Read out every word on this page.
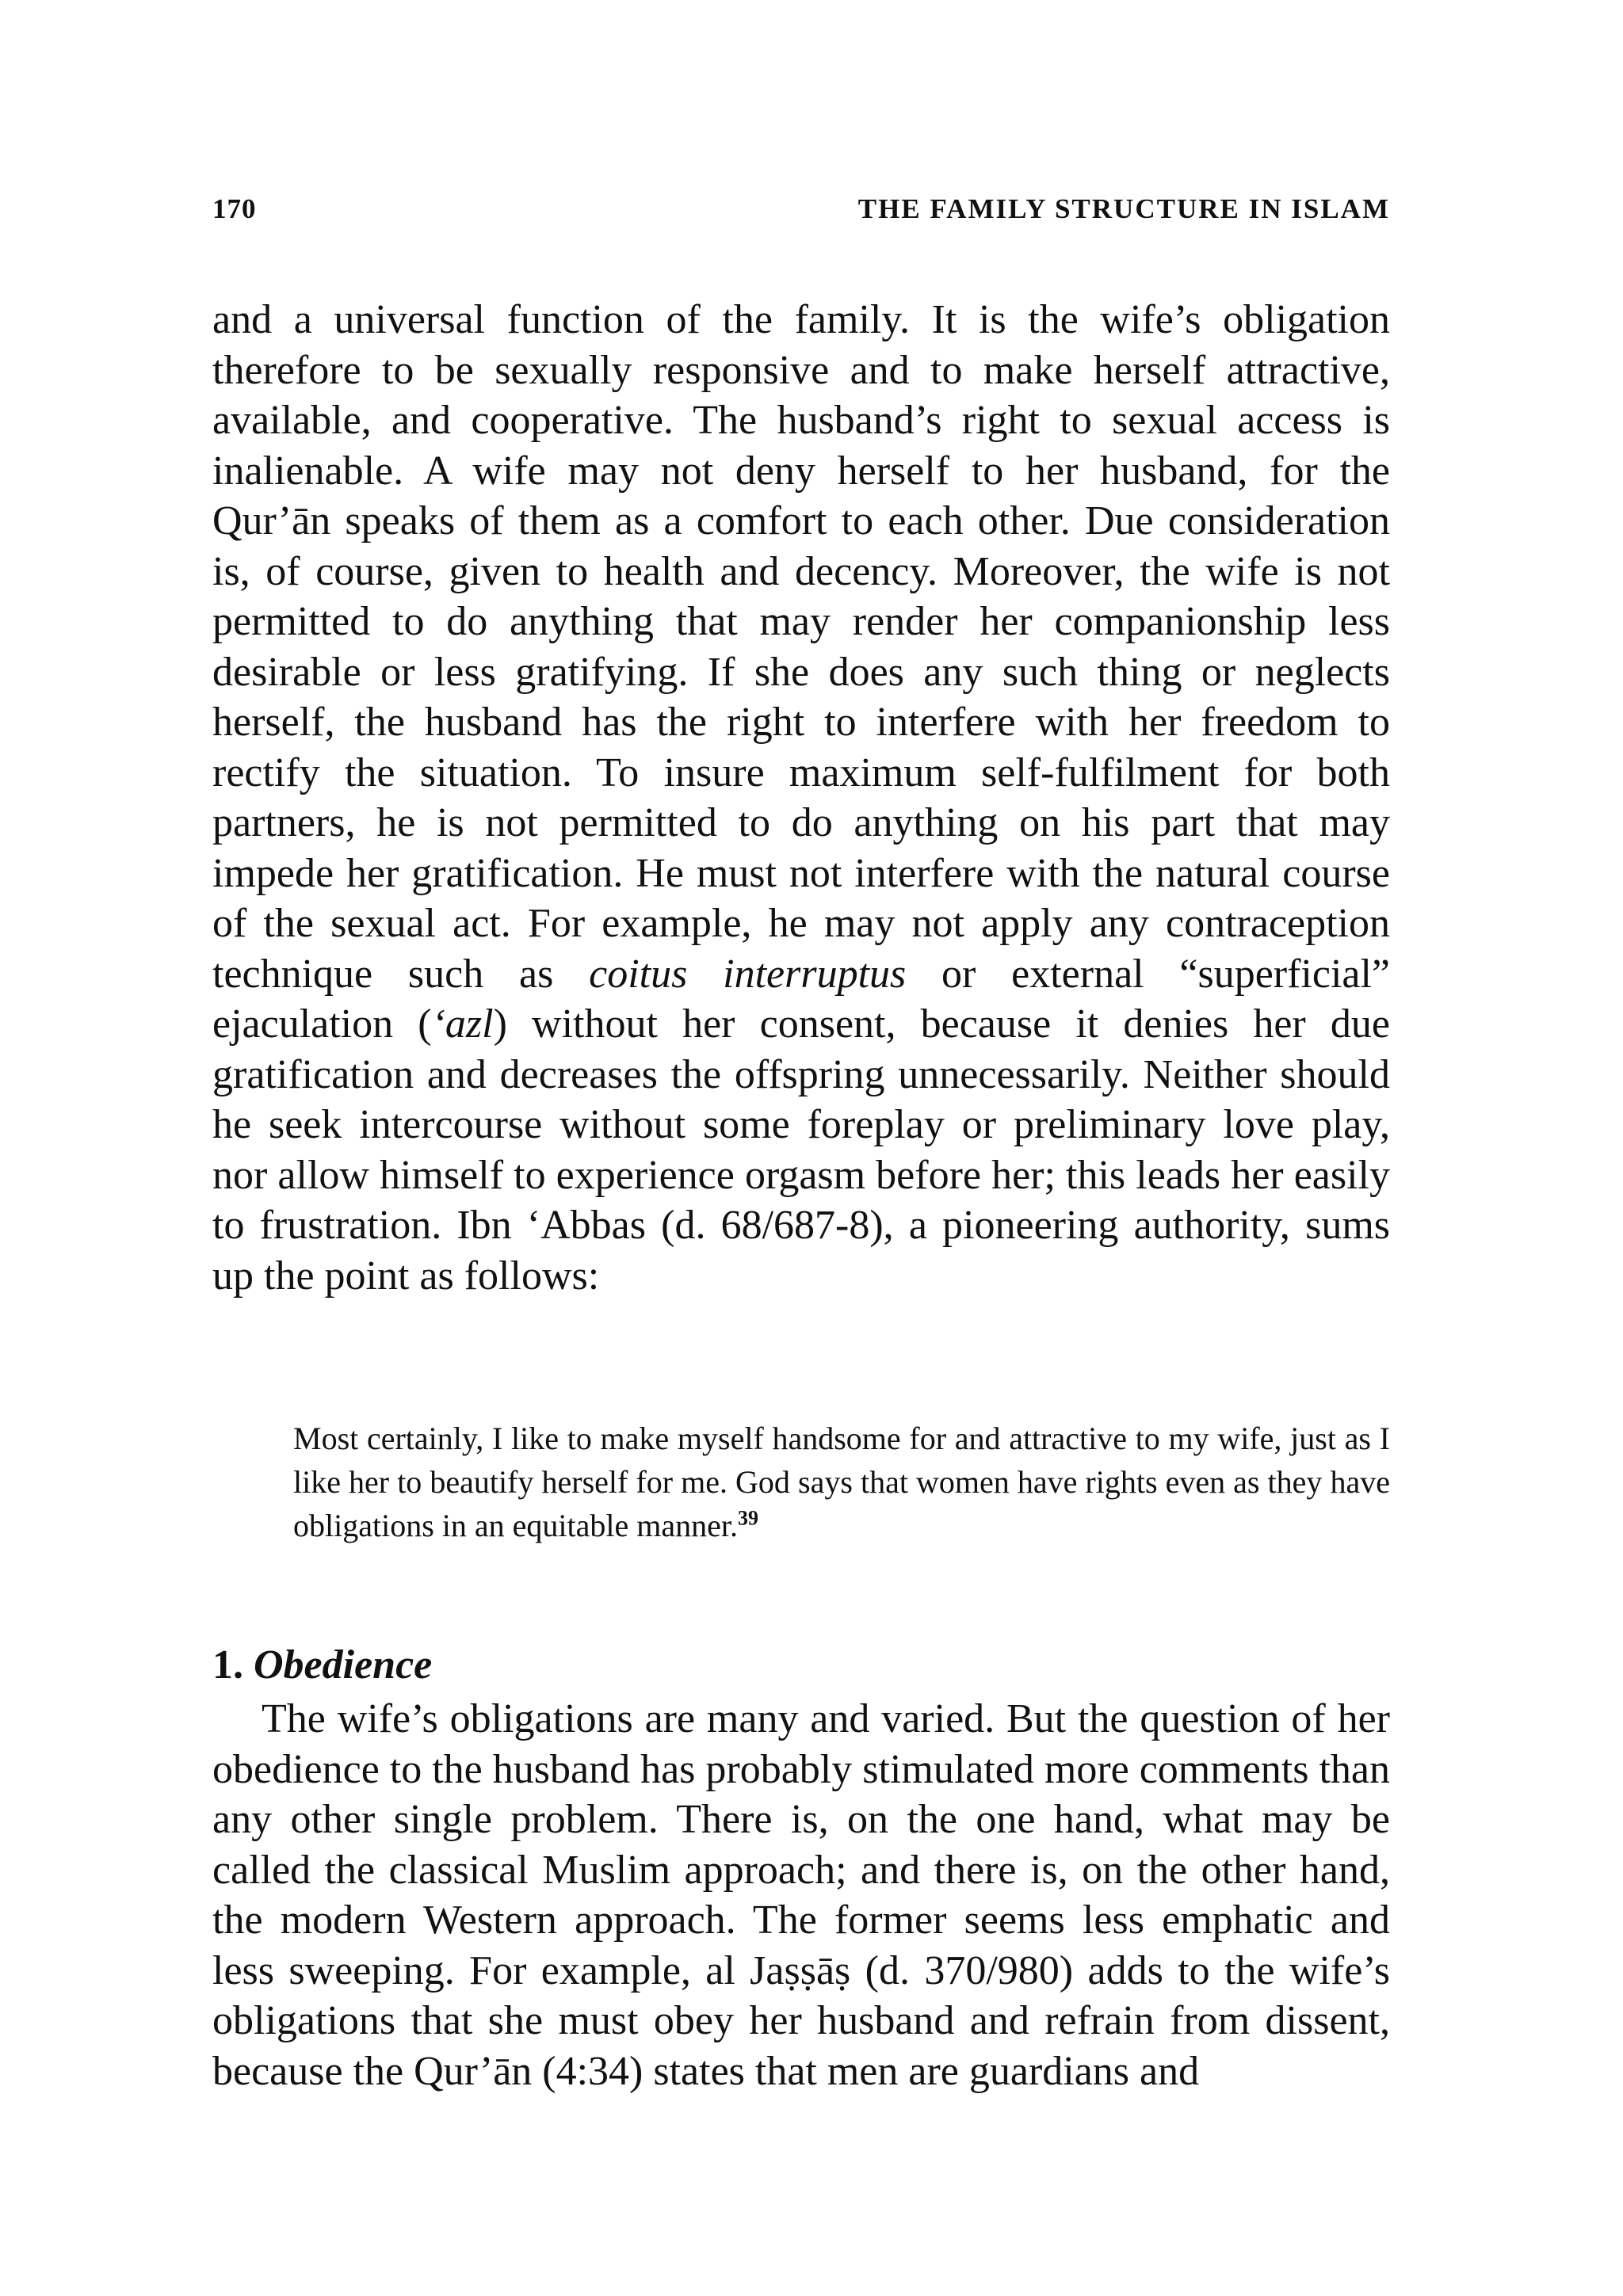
170	THE FAMILY STRUCTURE IN ISLAM

and a universal function of the family. It is the wife’s obligation therefore to be sexually responsive and to make herself attractive, available, and cooperative. The husband’s right to sexual access is inalienable. A wife may not deny herself to her husband, for the Qur’ān speaks of them as a comfort to each other. Due consideration is, of course, given to health and decency. Moreover, the wife is not permitted to do anything that may render her companionship less desirable or less gratifying. If she does any such thing or neglects herself, the husband has the right to interfere with her freedom to rectify the situation. To insure maximum self-fulfilment for both partners, he is not permitted to do anything on his part that may impede her gratification. He must not interfere with the natural course of the sexual act. For example, he may not apply any contraception technique such as coitus interruptus or external “superficial” ejaculation (‘azl) without her consent, because it denies her due gratification and decreases the offspring unnecessarily. Neither should he seek intercourse without some foreplay or preliminary love play, nor allow himself to experience orgasm before her; this leads her easily to frustration. Ibn ‘Abbas (d. 68/687-8), a pioneering authority, sums up the point as follows:

Most certainly, I like to make myself handsome for and attractive to my wife, just as I like her to beautify herself for me. God says that women have rights even as they have obligations in an equitable manner.$^{39}$

1. Obedience

The wife’s obligations are many and varied. But the question of her obedience to the husband has probably stimulated more comments than any other single problem. There is, on the one hand, what may be called the classical Muslim approach; and there is, on the other hand, the modern Western approach. The former seems less emphatic and less sweeping. For example, al Jaṣṣāṣ (d. 370/980) adds to the wife’s obligations that she must obey her husband and refrain from dissent, because the Qur’ān (4:34) states that men are guardians and
